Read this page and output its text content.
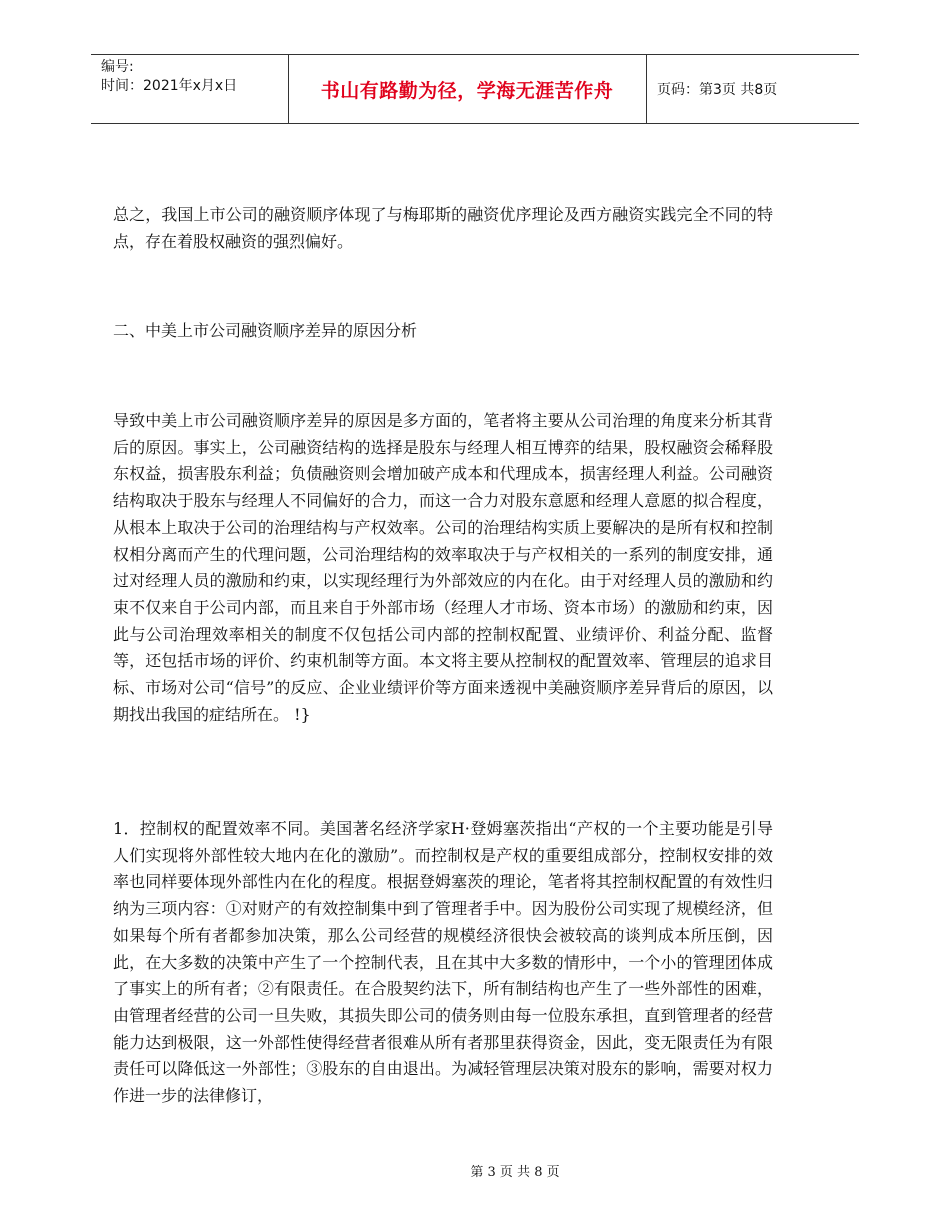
编号:
时间：2021年x月x日	书山有路勤为径，学海无涯苦作舟	页码：第3页 共8页

总之，我国上市公司的融资顺序体现了与梅耶斯的融资优序理论及西方融资实践完全不同的特点，存在着股权融资的强烈偏好。

二、中美上市公司融资顺序差异的原因分析

导致中美上市公司融资顺序差异的原因是多方面的，笔者将主要从公司治理的角度来分析其背后的原因。事实上，公司融资结构的选择是股东与经理人相互博弈的结果，股权融资会稀释股东权益，损害股东利益；负债融资则会增加破产成本和代理成本，损害经理人利益。公司融资结构取决于股东与经理人不同偏好的合力，而这一合力对股东意愿和经理人意愿的拟合程度，从根本上取决于公司的治理结构与产权效率。公司的治理结构实质上要解决的是所有权和控制权相分离而产生的代理问题，公司治理结构的效率取决于与产权相关的一系列的制度安排，通过对经理人员的激励和约束，以实现经理行为外部效应的内在化。由于对经理人员的激励和约束不仅来自于公司内部，而且来自于外部市场（经理人才市场、资本市场）的激励和约束，因此与公司治理效率相关的制度不仅包括公司内部的控制权配置、业绩评价、利益分配、监督等，还包括市场的评价、约束机制等方面。本文将主要从控制权的配置效率、管理层的追求目标、市场对公司“信号”的反应、企业业绩评价等方面来透视中美融资顺序差异背后的原因，以期找出我国的症结所在。 !}

1．控制权的配置效率不同。美国著名经济学家H·登姆塞茨指出“产权的一个主要功能是引导人们实现将外部性较大地内在化的激励”。而控制权是产权的重要组成部分，控制权安排的效率也同样要体现外部性内在化的程度。根据登姆塞茨的理论，笔者将其控制权配置的有效性归纳为三项内容：①对财产的有效控制集中到了管理者手中。因为股份公司实现了规模经济，但如果每个所有者都参加决策，那么公司经营的规模经济很快会被较高的谈判成本所压倒，因此，在大多数的决策中产生了一个控制代表，且在其中大多数的情形中，一个小的管理团体成了事实上的所有者；②有限责任。在合股契约法下，所有制结构也产生了一些外部性的困难，由管理者经营的公司一旦失败，其损失即公司的债务则由每一位股东承担，直到管理者的经营能力达到极限，这一外部性使得经营者很难从所有者那里获得资金，因此，变无限责任为有限责任可以降低这一外部性；③股东的自由退出。为减轻管理层决策对股东的影响，需要对权力作进一步的法律修订，

第 3 页 共 8 页
